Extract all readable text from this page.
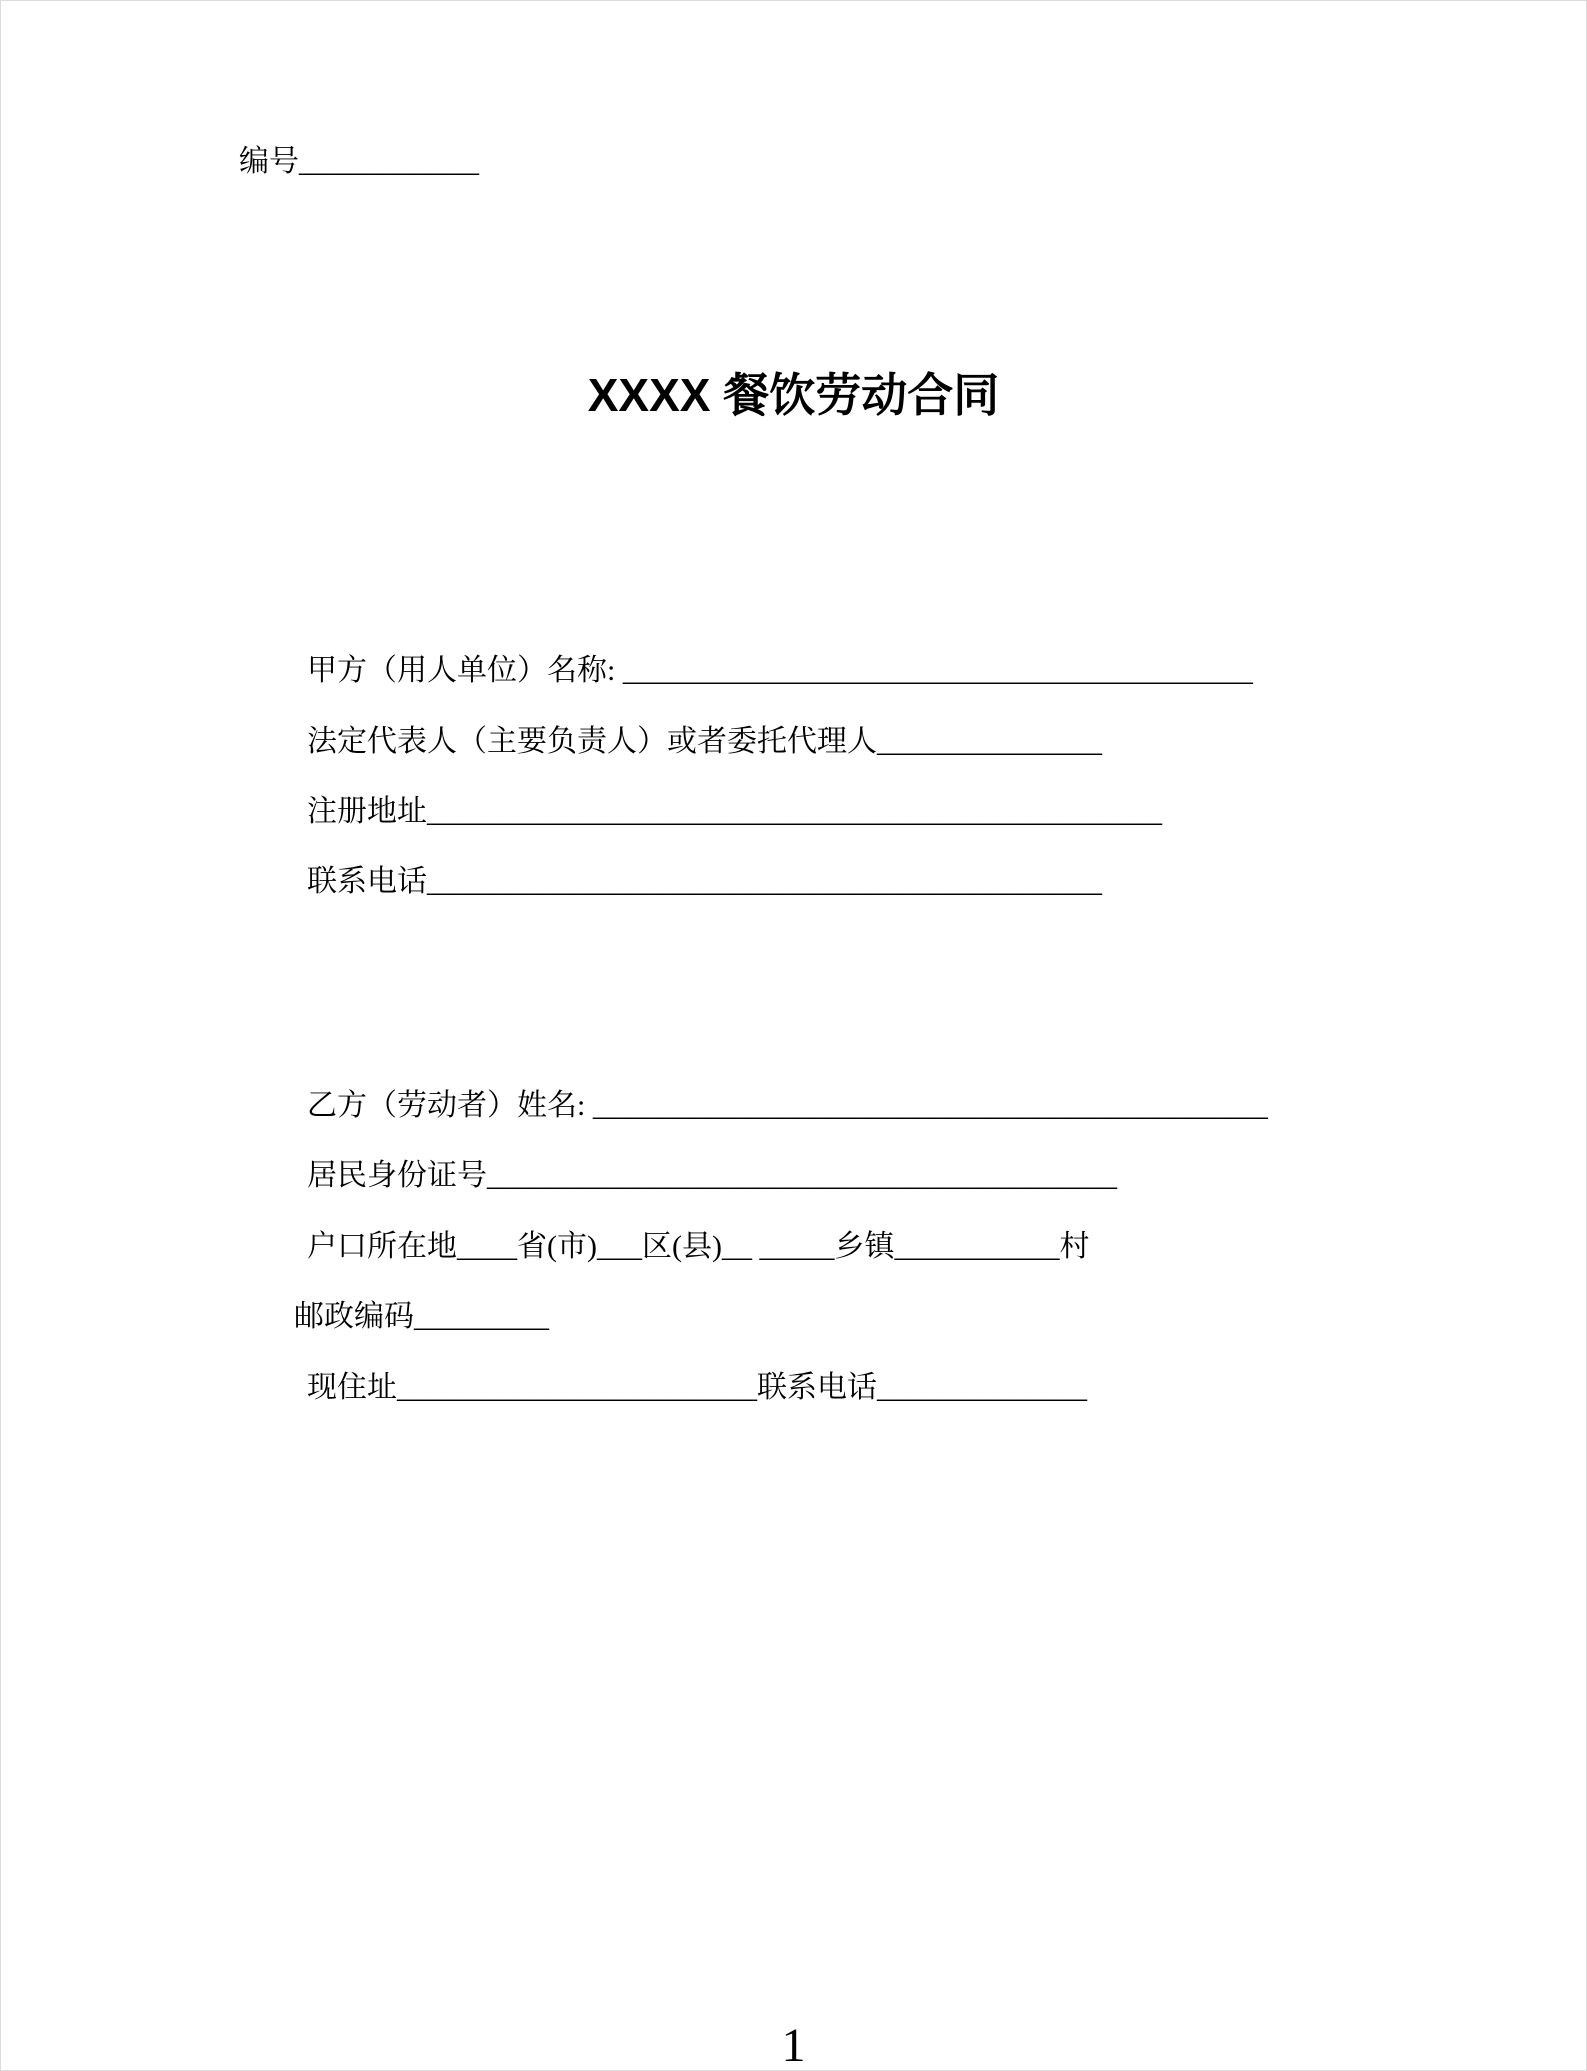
编号____________
XXXX 餐饮劳动合同
甲方（用人单位）名称: __________________________________________
法定代表人（主要负责人）或者委托代理人_______________
注册地址_________________________________________________
联系电话_____________________________________________
乙方（劳动者）姓名: _____________________________________________
居民身份证号__________________________________________
户口所在地____省(市)___区(县)__ _____乡镇___________村
邮政编码_________
现住址________________________联系电话______________
1
